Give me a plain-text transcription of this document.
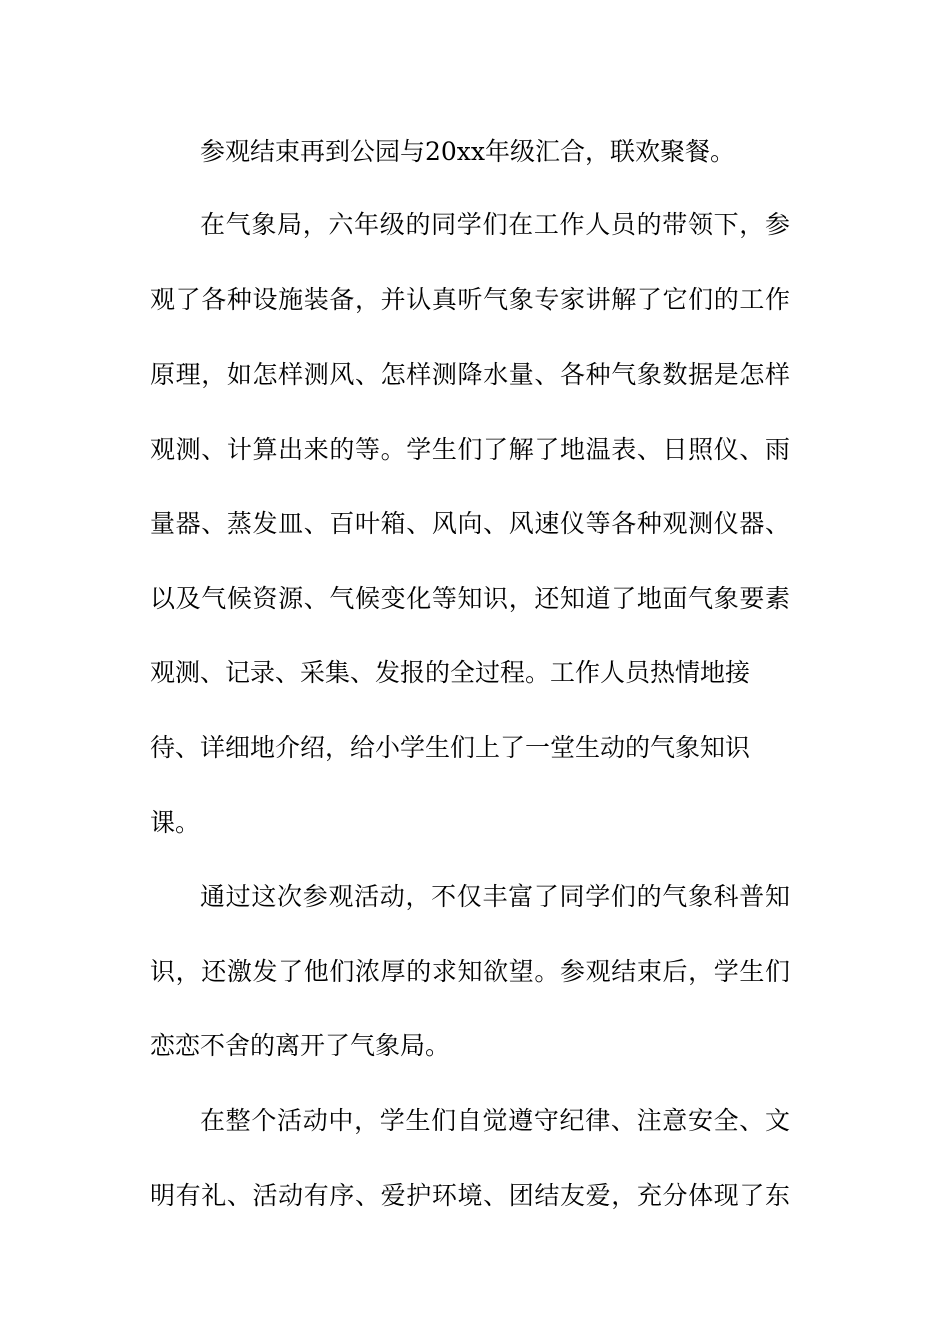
参观结束再到公园与20xx年级汇合，联欢聚餐。
在气象局，六年级的同学们在工作人员的带领下，参
观了各种设施装备，并认真听气象专家讲解了它们的工作
原理，如怎样测风、怎样测降水量、各种气象数据是怎样
观测、计算出来的等。学生们了解了地温表、日照仪、雨
量器、蒸发皿、百叶箱、风向、风速仪等各种观测仪器、
以及气候资源、气候变化等知识，还知道了地面气象要素
观测、记录、采集、发报的全过程。工作人员热情地接
待、详细地介绍，给小学生们上了一堂生动的气象知识
课。
通过这次参观活动，不仅丰富了同学们的气象科普知
识，还激发了他们浓厚的求知欲望。参观结束后，学生们
恋恋不舍的离开了气象局。
在整个活动中，学生们自觉遵守纪律、注意安全、文
明有礼、活动有序、爱护环境、团结友爱，充分体现了东
